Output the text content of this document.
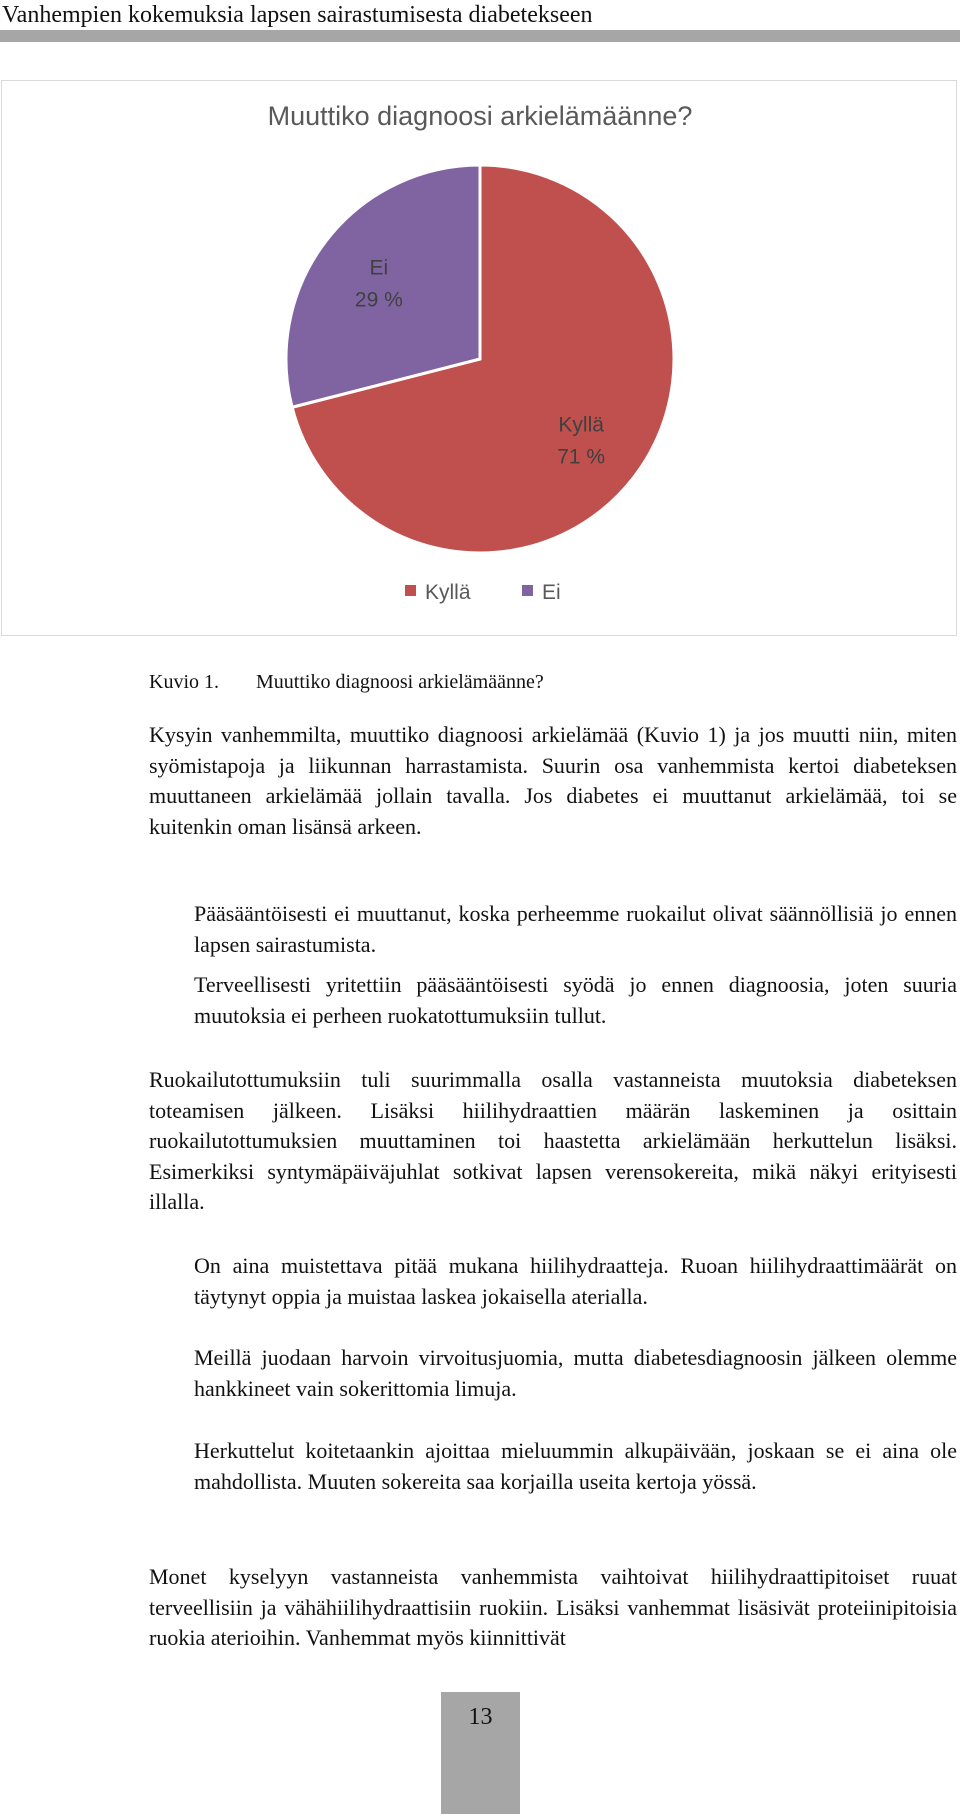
Vanhempien kokemuksia lapsen sairastumisesta diabetekseen
Muuttiko diagnoosi arkielämäänne?
Kyllä
71 %
Ei
29 %
Kyllä	Ei
Kuvio 1. Muuttiko diagnoosi arkielämäänne?
Kysyin vanhemmilta, muuttiko diagnoosi arkielämää (Kuvio 1) ja jos muutti niin, miten syömistapoja ja liikunnan harrastamista. Suurin osa vanhemmista kertoi diabeteksen muuttaneen arkielämää jollain tavalla. Jos diabetes ei muuttanut arkielämää, toi se kuitenkin oman lisänsä arkeen.
Pääsääntöisesti ei muuttanut, koska perheemme ruokailut olivat säännöllisiä jo ennen lapsen sairastumista.
Terveellisesti yritettiin pääsääntöisesti syödä jo ennen diagnoosia, joten suuria muutoksia ei perheen ruokatottumuksiin tullut.
Ruokailutottumuksiin tuli suurimmalla osalla vastanneista muutoksia diabeteksen toteamisen jälkeen. Lisäksi hiilihydraattien määrän laskeminen ja osittain ruokailutottumuksien muuttaminen toi haastetta arkielämään herkuttelun lisäksi. Esimerkiksi syntymäpäiväjuhlat sotkivat lapsen verensokereita, mikä näkyi erityisesti illalla.
On aina muistettava pitää mukana hiilihydraatteja. Ruoan hiilihydraattimäärät on täytynyt oppia ja muistaa laskea jokaisella aterialla.
Meillä juodaan harvoin virvoitusjuomia, mutta diabetesdiagnoosin jälkeen olemme hankkineet vain sokerittomia limuja.
Herkuttelut koitetaankin ajoittaa mieluummin alkupäivään, joskaan se ei aina ole mahdollista. Muuten sokereita saa korjailla useita kertoja yössä.
Monet kyselyyn vastanneista vanhemmista vaihtoivat hiilihydraattipitoiset ruuat terveellisiin ja vähähiilihydraattisiin ruokiin. Lisäksi vanhemmat lisäsivät proteiinipitoisia ruokia aterioihin. Vanhemmat myös kiinnittivät
13
